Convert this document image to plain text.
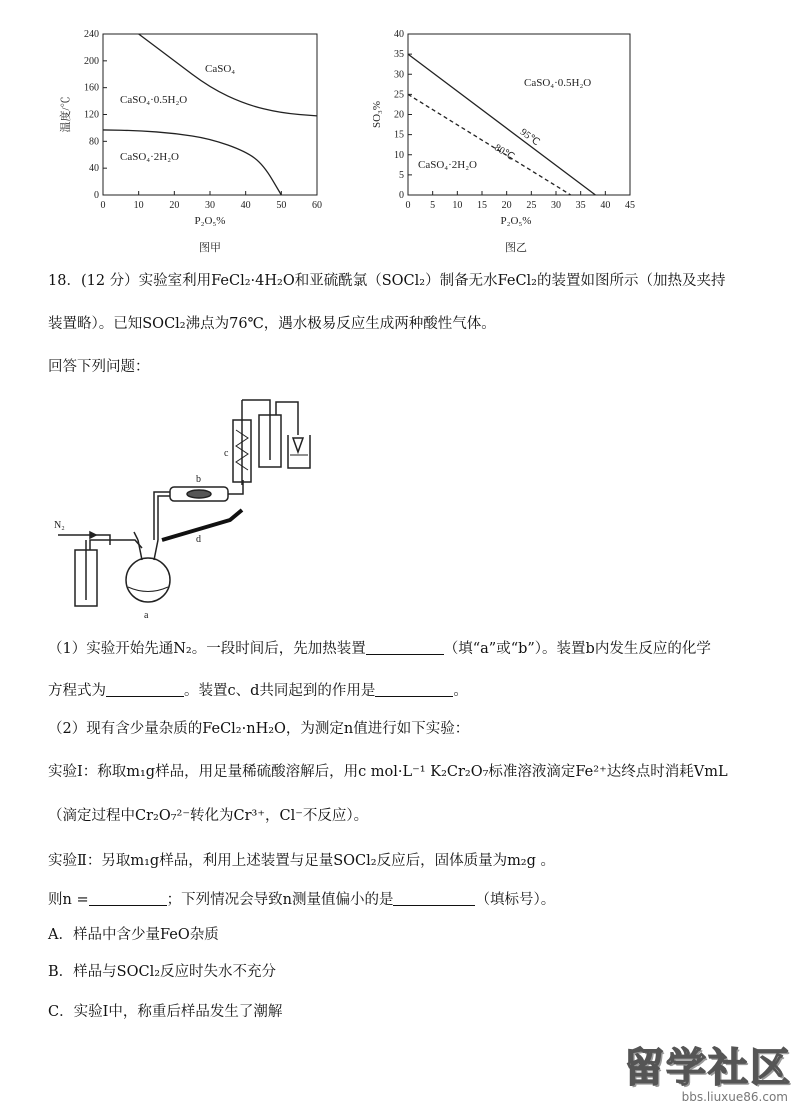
0	10	20	30	40	50	60
0
40
80
120
160
200
240
温度/℃
P₂O₅%
图甲
CaSO₄
CaSO₄·0.5H₂O
CaSO₄·2H₂O
0 5 10 15 20 25 30 35 40 45
0
5
10
15
20
25
30
35
40
SO₃%
P₂O₅%
图乙
95℃
80℃
CaSO₄·0.5H₂O
CaSO₄·2H₂O
18．(12 分）实验室利用FeCl₂·4H₂O和亚硫酰氯（SOCl₂）制备无水FeCl₂的装置如图所示（加热及夹持
装置略）。已知SOCl₂沸点为76℃，遇水极易反应生成两种酸性气体。
回答下列问题：
N₂
a
b
c
d
（1）实验开始先通N₂。一段时间后，先加热装置	（填“a”或“b”）。装置b内发生反应的化学
方程式为	。装置c、d共同起到的作用是	。
（2）现有含少量杂质的FeCl₂·nH₂O，为测定n值进行如下实验：
实验Ⅰ：称取m₁g样品，用足量稀硫酸溶解后，用c mol·L⁻¹ K₂Cr₂O₇标准溶液滴定Fe²⁺达终点时消耗VmL
（滴定过程中Cr₂O₇²⁻转化为Cr³⁺，Cl⁻不反应）。
实验Ⅱ：另取m₁g样品，利用上述装置与足量SOCl₂反应后，固体质量为m₂g 。
则n =	；下列情况会导致n测量值偏小的是	（填标号）。
A．样品中含少量FeO杂质
B．样品与SOCl₂反应时失水不充分
C．实验Ⅰ中，称重后样品发生了潮解
留学社区
bbs.liuxue86.com
